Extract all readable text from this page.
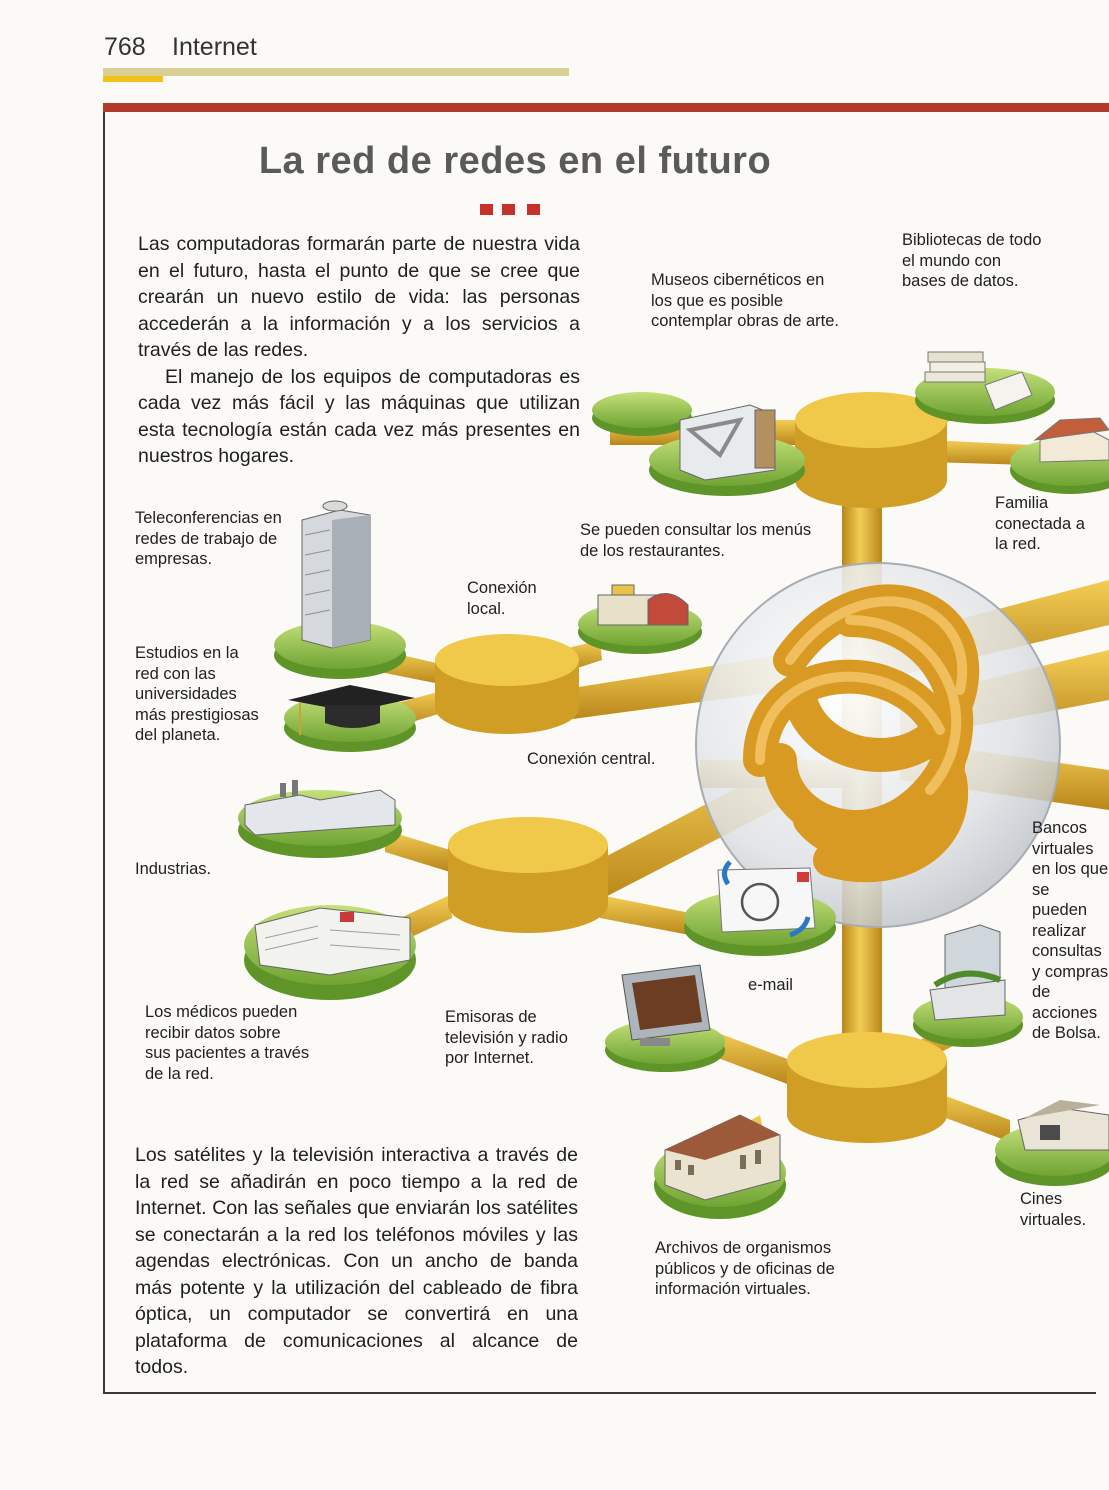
768 Internet
La red de redes en el futuro

Las computadoras formarán parte de nuestra vida en el futuro, hasta el punto de que se cree que crearán un nuevo estilo de vida: las personas accederán a la información y a los servicios a través de las redes.

El manejo de los equipos de computadoras es cada vez más fácil y las máquinas que utilizan esta tecnología están cada vez más presentes en nuestros hogares.

Museos cibernéticos en los que es posible contemplar obras de arte.
Bibliotecas de todo el mundo con bases de datos.
Familia conectada a la red.
Se pueden consultar los menús de los restaurantes.
Teleconferencias en redes de trabajo de empresas.
Conexión local.
Estudios en la red con las universidades más prestigiosas del planeta.
Conexión central.
Industrias.
Bancos virtuales en los que se pueden realizar consultas y compras de acciones de Bolsa.
e-mail
Los médicos pueden recibir datos sobre sus pacientes a través de la red.
Emisoras de televisión y radio por Internet.
Cines virtuales.
Archivos de organismos públicos y de oficinas de información virtuales.

Los satélites y la televisión interactiva a través de la red se añadirán en poco tiempo a la red de Internet. Con las señales que enviarán los satélites se conectarán a la red los teléfonos móviles y las agendas electrónicas. Con un ancho de banda más potente y la utilización del cableado de fibra óptica, un computador se convertirá en una plataforma de comunicaciones al alcance de todos.
